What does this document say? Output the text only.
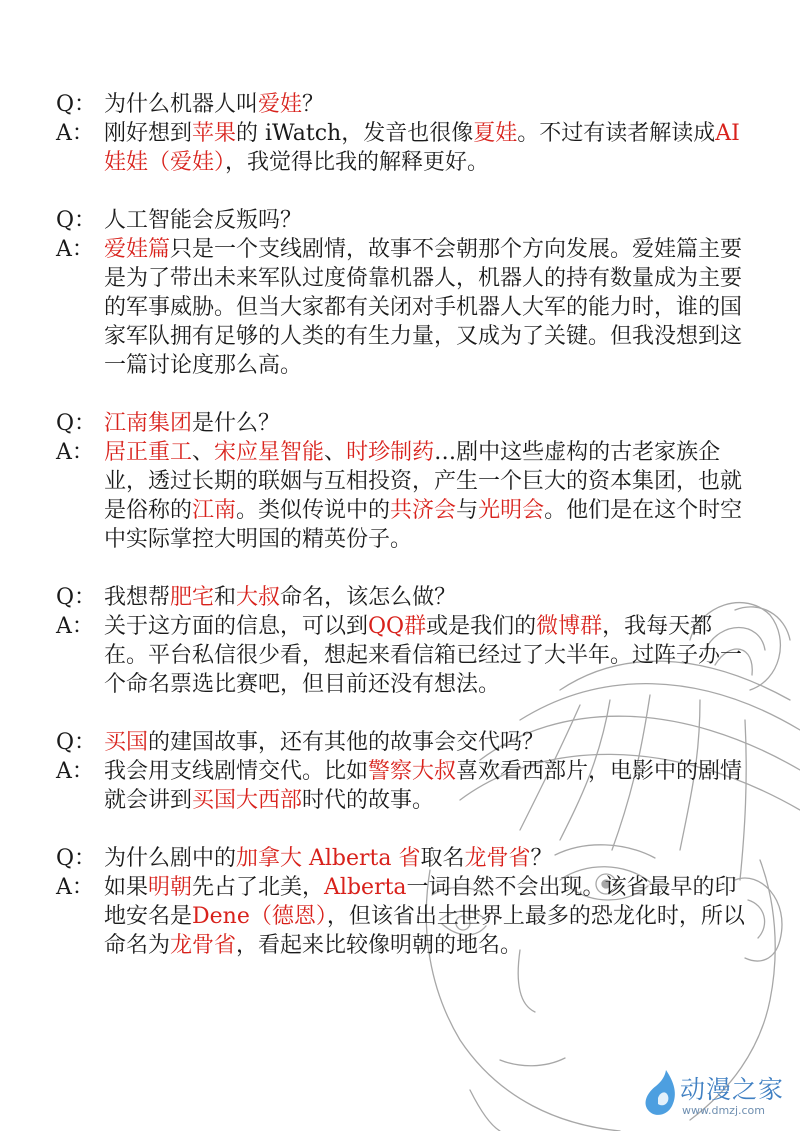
Q： 为什么机器人叫爱娃？
A： 刚好想到苹果的 iWatch，发音也很像夏娃。不过有读者解读成AI娃娃（爱娃），我觉得比我的解释更好。
Q： 人工智能会反叛吗？
A： 爱娃篇只是一个支线剧情，故事不会朝那个方向发展。爱娃篇主要是为了带出未来军队过度倚靠机器人，机器人的持有数量成为主要的军事威胁。但当大家都有关闭对手机器人大军的能力时，谁的国家军队拥有足够的人类的有生力量，又成为了关键。但我没想到这一篇讨论度那么高。
Q： 江南集团是什么？
A： 居正重工、宋应星智能、时珍制药…剧中这些虚构的古老家族企业，透过长期的联姻与互相投资，产生一个巨大的资本集团，也就是俗称的江南。类似传说中的共济会与光明会。他们是在这个时空中实际掌控大明国的精英份子。
Q： 我想帮肥宅和大叔命名，该怎么做？
A： 关于这方面的信息，可以到QQ群或是我们的微博群，我每天都在。平台私信很少看，想起来看信箱已经过了大半年。过阵子办一个命名票选比赛吧，但目前还没有想法。
Q： 买国的建国故事，还有其他的故事会交代吗？
A： 我会用支线剧情交代。比如警察大叔喜欢看西部片，电影中的剧情就会讲到买国大西部时代的故事。
Q： 为什么剧中的加拿大 Alberta 省取名龙骨省？
A： 如果明朝先占了北美，Alberta一词自然不会出现。该省最早的印地安名是Dene（德恩），但该省出土世界上最多的恐龙化时，所以命名为龙骨省，看起来比较像明朝的地名。
动漫之家
www.dmzj.com
